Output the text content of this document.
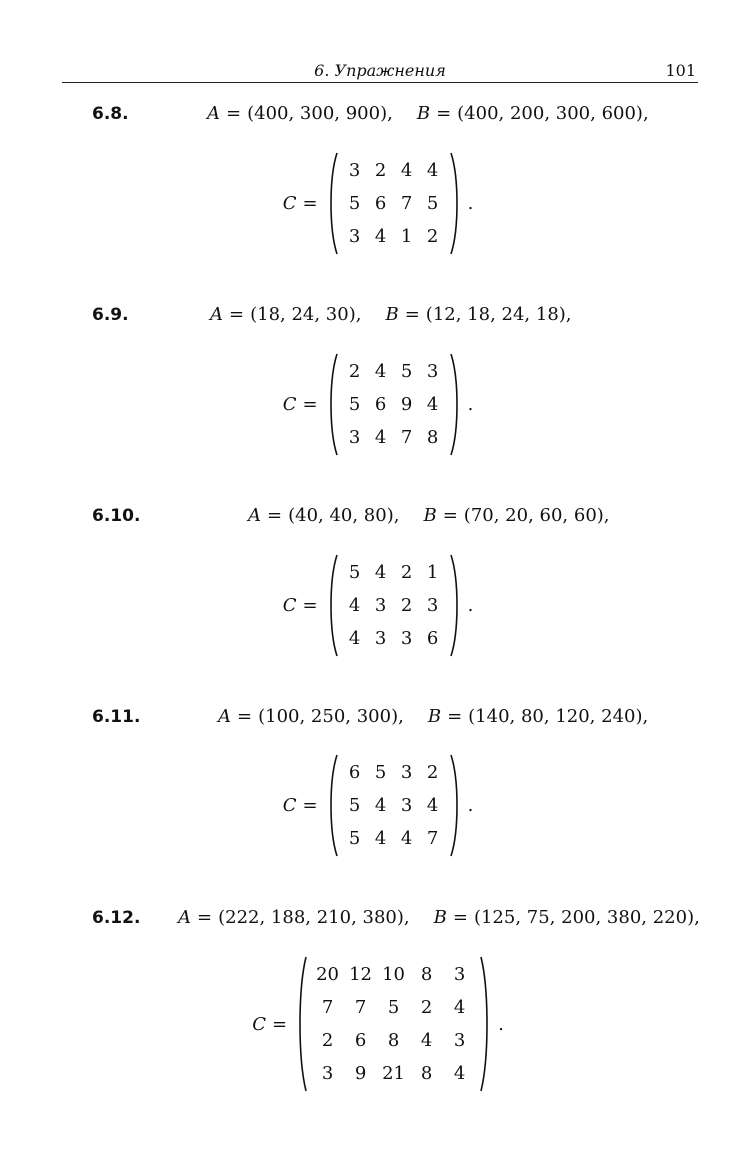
6. Упражнения	101
6.8.	A = (400, 300, 900), B = (400, 200, 300, 600),
C =
3 2 4 4
5 6 7 5
3 4 1 2
.
6.9.	A = (18, 24, 30), B = (12, 18, 24, 18),
C =
2 4 5 3
5 6 9 4
3 4 7 8
.
6.10.	A = (40, 40, 80), B = (70, 20, 60, 60),
C =
5 4 2 1
4 3 2 3
4 3 3 6
.
6.11.	A = (100, 250, 300), B = (140, 80, 120, 240),
C =
6 5 3 2
5 4 3 4
5 4 4 7
.
6.12.	A = (222, 188, 210, 380), B = (125, 75, 200, 380, 220),
C =
20 12 10 8	3
7	7	5	2	4
2	6	8	4	3
3	9 21 8	4
.
